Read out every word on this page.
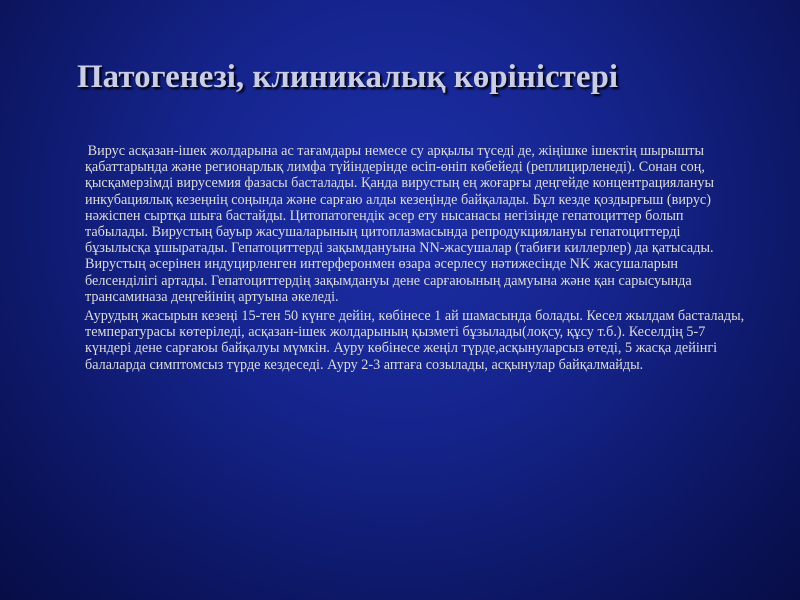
Патогенезі, клиникалық көріністері

Вирус асқазан-ішек жолдарына ас тағамдары немесе су арқылы түседі де, жіңішке ішектің шырышты қабаттарында және регионарлық лимфа түйіндерінде өсіп-өніп көбейеді (реплицирленеді). Сонан соң, қысқамерзімді вирусемия фазасы басталады. Қанда вирустың ең жоғарғы деңгейде концентрациялануы инкубациялық кезеңнің соңында және сарғаю алды кезеңінде байқалады. Бұл кезде қоздырғыш (вирус) нәжіспен сыртқа шыға бастайды. Цитопатогендік әсер ету нысанасы негізінде гепатоциттер болып табылады. Вирустың бауыр жасушаларының цитоплазмасында репродукциялануы гепатоциттерді бұзылысқа ұшыратады. Гепатоциттерді зақымдануына NN-жасушалар (табиғи киллерлер) да қатысады. Вирустың әсерінен индуцирленген интерферонмен өзара әсерлесу нәтижесінде NK жасушаларын белсенділігі артады. Гепатоциттердің зақымдануы дене сарғаюының дамуына және қан сарысуында трансаминаза деңгейінің артуына әкеледі.

Аурудың жасырын кезеңі 15-тен 50 күнге дейін, көбінесе 1 ай шамасында болады. Кесел жылдам басталады, температурасы көтеріледі, асқазан-ішек жолдарының қызметі бұзылады(лоқсу, құсу т.б.). Кеселдің 5-7 күндері дене сарғаюы байқалуы мүмкін. Ауру көбінесе жеңіл түрде,асқынуларсыз өтеді, 5 жасқа дейінгі балаларда симптомсыз түрде кездеседі. Ауру 2-3 аптаға созылады, асқынулар байқалмайды.
